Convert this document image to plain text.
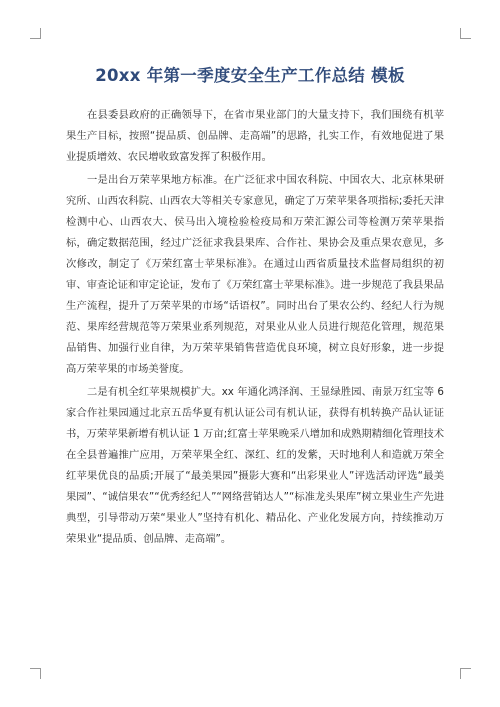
20xx 年第一季度安全生产工作总结 模板

在县委县政府的正确领导下，在省市果业部门的大量支持下，我们围绕有机苹果生产目标，按照“提品质、创品牌、走高端”的思路，扎实工作，有效地促进了果业提质增效、农民增收致富发挥了积极作用。

一是出台万荣苹果地方标准。在广泛征求中国农科院、中国农大、北京林果研究所、山西农科院、山西农大等相关专家意见，确定了万荣苹果各项指标;委托天津检测中心、山西农大、侯马出入境检验检疫局和万荣汇源公司等检测万荣苹果指标，确定数据范围，经过广泛征求我县果库、合作社、果协会及重点果农意见，多次修改，制定了《万荣红富士苹果标准》。在通过山西省质量技术监督局组织的初审、审查论证和审定论证，发布了《万荣红富士苹果标准》。进一步规范了我县果品生产流程，提升了万荣苹果的市场“话语权”。同时出台了果农公约、经纪人行为规范、果库经营规范等万荣果业系列规范，对果业从业人员进行规范化管理，规范果品销售、加强行业自律，为万荣苹果销售营造优良环境，树立良好形象，进一步提高万荣苹果的市场美誉度。

二是有机全红苹果规模扩大。xx 年通化鸿泽润、王显绿胜园、南景万红宝等 6 家合作社果园通过北京五岳华夏有机认证公司有机认证，获得有机转换产品认证证书，万荣苹果新增有机认证 1 万亩;红富士苹果晚采八增加和成熟期精细化管理技术在全县普遍推广应用，万荣苹果全红、深红、红的发紫，天时地利人和造就万荣全红苹果优良的品质;开展了“最美果园”摄影大赛和“出彩果业人”评选活动评选“最美果园”、“诚信果农”“优秀经纪人”“网络营销达人”“标准龙头果库”树立果业生产先进典型，引导带动万荣“果业人”坚持有机化、精品化、产业化发展方向，持续推动万荣果业“提品质、创品牌、走高端”。
